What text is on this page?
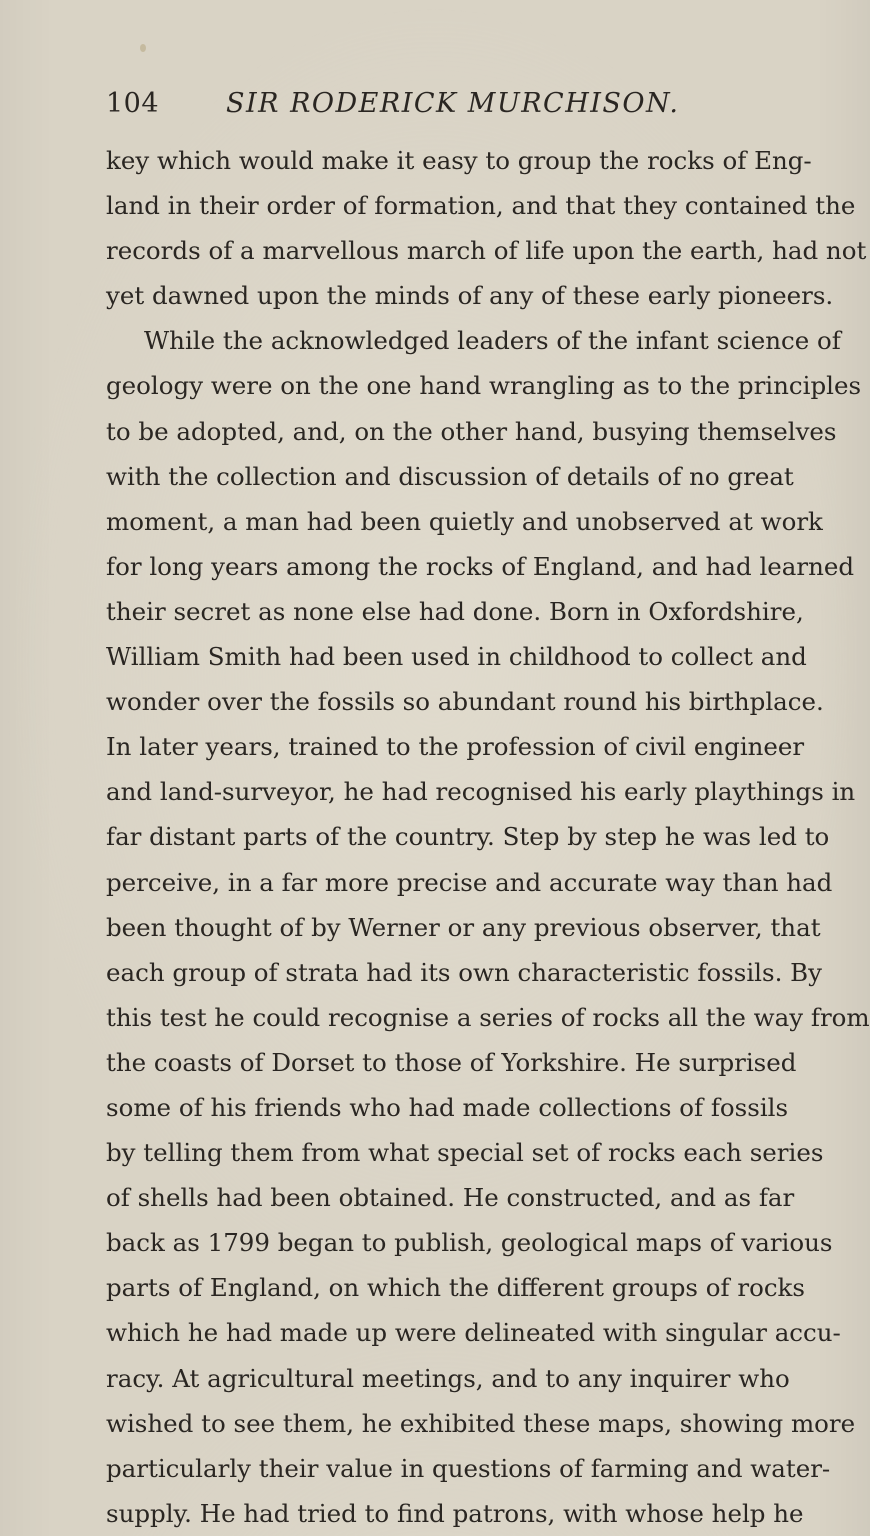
104 SIR RODERICK MURCHISON.
key which would make it easy to group the rocks of Eng-
land in their order of formation, and that they contained the
records of a marvellous march of life upon the earth, had not
yet dawned upon the minds of any of these early pioneers.
While the acknowledged leaders of the infant science of
geology were on the one hand wrangling as to the principles
to be adopted, and, on the other hand, busying themselves
with the collection and discussion of details of no great
moment, a man had been quietly and unobserved at work
for long years among the rocks of England, and had learned
their secret as none else had done. Born in Oxfordshire,
William Smith had been used in childhood to collect and
wonder over the fossils so abundant round his birthplace.
In later years, trained to the profession of civil engineer
and land-surveyor, he had recognised his early playthings in
far distant parts of the country. Step by step he was led to
perceive, in a far more precise and accurate way than had
been thought of by Werner or any previous observer, that
each group of strata had its own characteristic fossils. By
this test he could recognise a series of rocks all the way from
the coasts of Dorset to those of Yorkshire. He surprised
some of his friends who had made collections of fossils
by telling them from what special set of rocks each series
of shells had been obtained. He constructed, and as far
back as 1799 began to publish, geological maps of various
parts of England, on which the different groups of rocks
which he had made up were delineated with singular accu-
racy. At agricultural meetings, and to any inquirer who
wished to see them, he exhibited these maps, showing more
particularly their value in questions of farming and water-
supply. He had tried to find patrons, with whose help he
